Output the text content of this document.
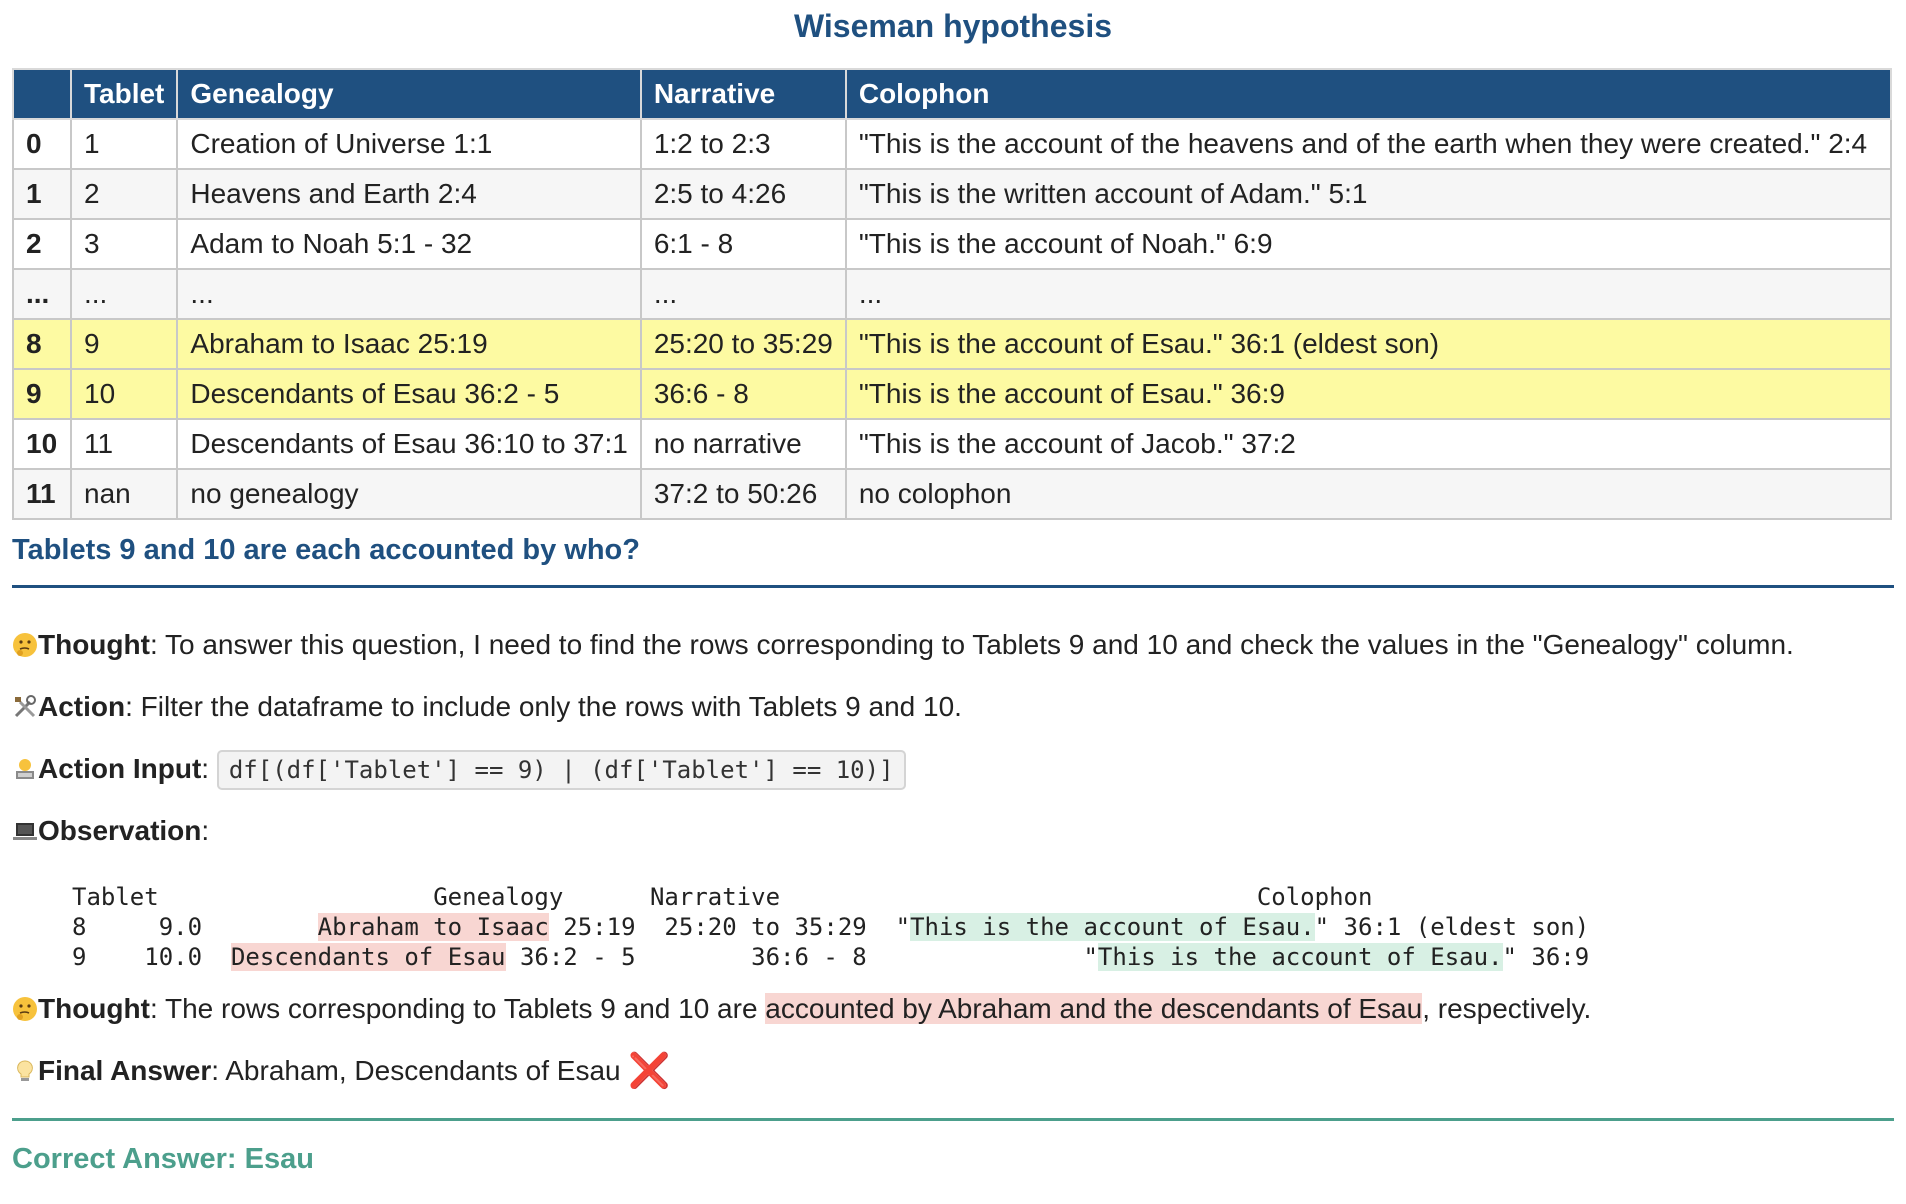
Wiseman hypothesis
	Tablet	Genealogy	Narrative	Colophon
0	1	Creation of Universe 1:1	1:2 to 2:3	"This is the account of the heavens and of the earth when they were created." 2:4
1	2	Heavens and Earth 2:4	2:5 to 4:26	"This is the written account of Adam." 5:1
2	3	Adam to Noah 5:1 - 32	6:1 - 8	"This is the account of Noah." 6:9
...	...	...	...	...
8	9	Abraham to Isaac 25:19	25:20 to 35:29	"This is the account of Esau." 36:1 (eldest son)
9	10	Descendants of Esau 36:2 - 5	36:6 - 8	"This is the account of Esau." 36:9
10	11	Descendants of Esau 36:10 to 37:1	no narrative	"This is the account of Jacob." 37:2
11	nan	no genealogy	37:2 to 50:26	no colophon
Tablets 9 and 10 are each accounted by who?
Thought: To answer this question, I need to find the rows corresponding to Tablets 9 and 10 and check the values in the "Genealogy" column.
Action: Filter the dataframe to include only the rows with Tablets 9 and 10.
Action Input: df[(df['Tablet'] == 9) | (df['Tablet'] == 10)]
Observation:
Tablet                   Genealogy      Narrative                                 Colophon
8     9.0        Abraham to Isaac 25:19  25:20 to 35:29  "This is the account of Esau." 36:1 (eldest son)
9    10.0  Descendants of Esau 36:2 - 5        36:6 - 8               "This is the account of Esau." 36:9
Thought: The rows corresponding to Tablets 9 and 10 are accounted by Abraham and the descendants of Esau, respectively.
Final Answer: Abraham, Descendants of Esau ❌
Correct Answer: Esau
